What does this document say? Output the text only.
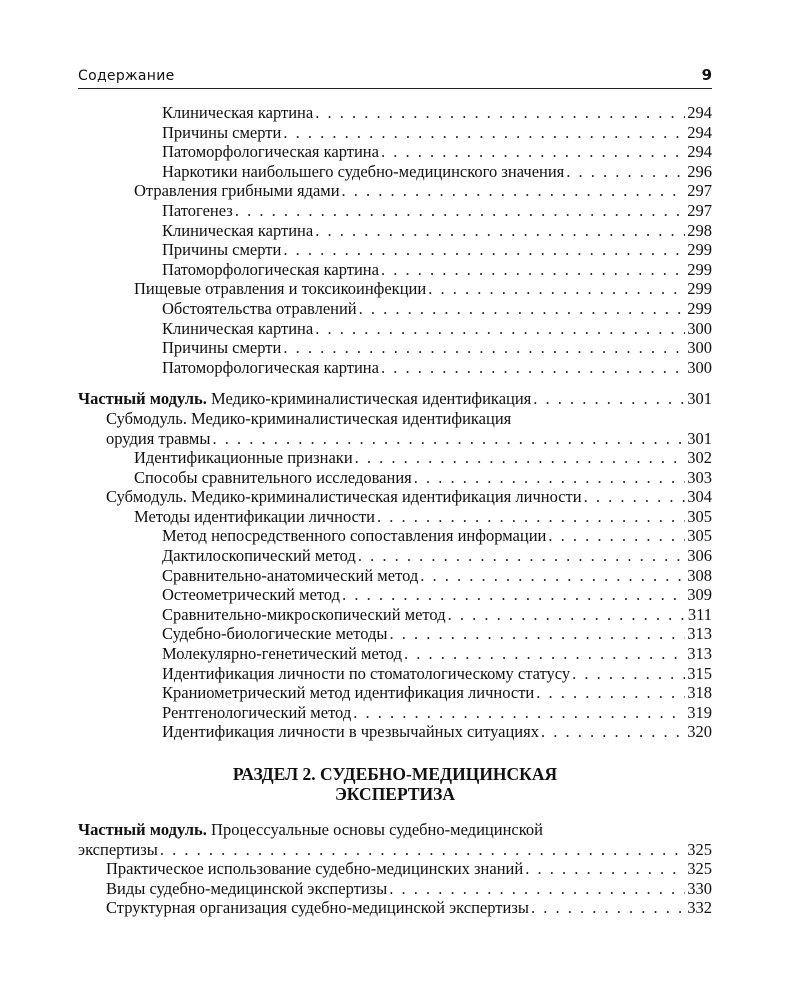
Содержание	9
Клиническая картина . . .	294
Причины смерти . . .	294
Патоморфологическая картина . . .	294
Наркотики наибольшего судебно-медицинского значения . . .	296
Отравления грибными ядами . . .	297
Патогенез . . .	297
Клиническая картина . . .	298
Причины смерти . . .	299
Патоморфологическая картина . . .	299
Пищевые отравления и токсикоинфекции . . .	299
Обстоятельства отравлений . . .	299
Клиническая картина . . .	300
Причины смерти . . .	300
Патоморфологическая картина . . .	300
Частный модуль. Медико-криминалистическая идентификация . . .	301
Субмодуль. Медико-криминалистическая идентификация
орудия травмы . . .	301
Идентификационные признаки . . .	302
Способы сравнительного исследования . . .	303
Субмодуль. Медико-криминалистическая идентификация личности . . .	304
Методы идентификации личности . . .	305
Метод непосредственного сопоставления информации . . .	305
Дактилоскопический метод . . .	306
Сравнительно-анатомический метод . . .	308
Остеометрический метод . . .	309
Сравнительно-микроскопический метод . . .	311
Судебно-биологические методы . . .	313
Молекулярно-генетический метод . . .	313
Идентификация личности по стоматологическому статусу . . .	315
Краниометрический метод идентификация личности . . .	318
Рентгенологический метод . . .	319
Идентификация личности в чрезвычайных ситуациях . . .	320
РАЗДЕЛ 2. СУДЕБНО-МЕДИЦИНСКАЯ
ЭКСПЕРТИЗА
Частный модуль. Процессуальные основы судебно-медицинской
экспертизы . . .	325
Практическое использование судебно-медицинских знаний . . .	325
Виды судебно-медицинской экспертизы . . .	330
Структурная организация судебно-медицинской экспертизы . . .	332
